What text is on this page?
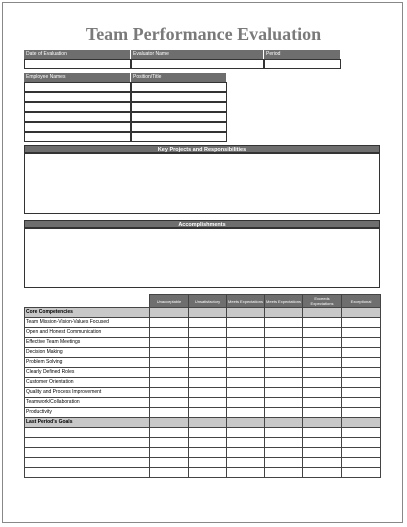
Team Performance Evaluation
Date of Evaluation	Evaluator Name	Period
Employee Names	Position/Title
Key Projects and Responsibilities
Accomplishments
	Unacceptable	Unsatisfactory	Meets Expectations	Meets Expectations	Exceeds Expectations	Exceptional
Core Competencies						
Team Mission-Vision-Values Focused						
Open and Honest Communication						
Effective Team Meetings						
Decision Making						
Problem Solving						
Clearly Defined Roles						
Customer Orientation						
Quality and Process Improvement						
Teamwork/Collaboration						
Productivity						
Last Period's Goals						
